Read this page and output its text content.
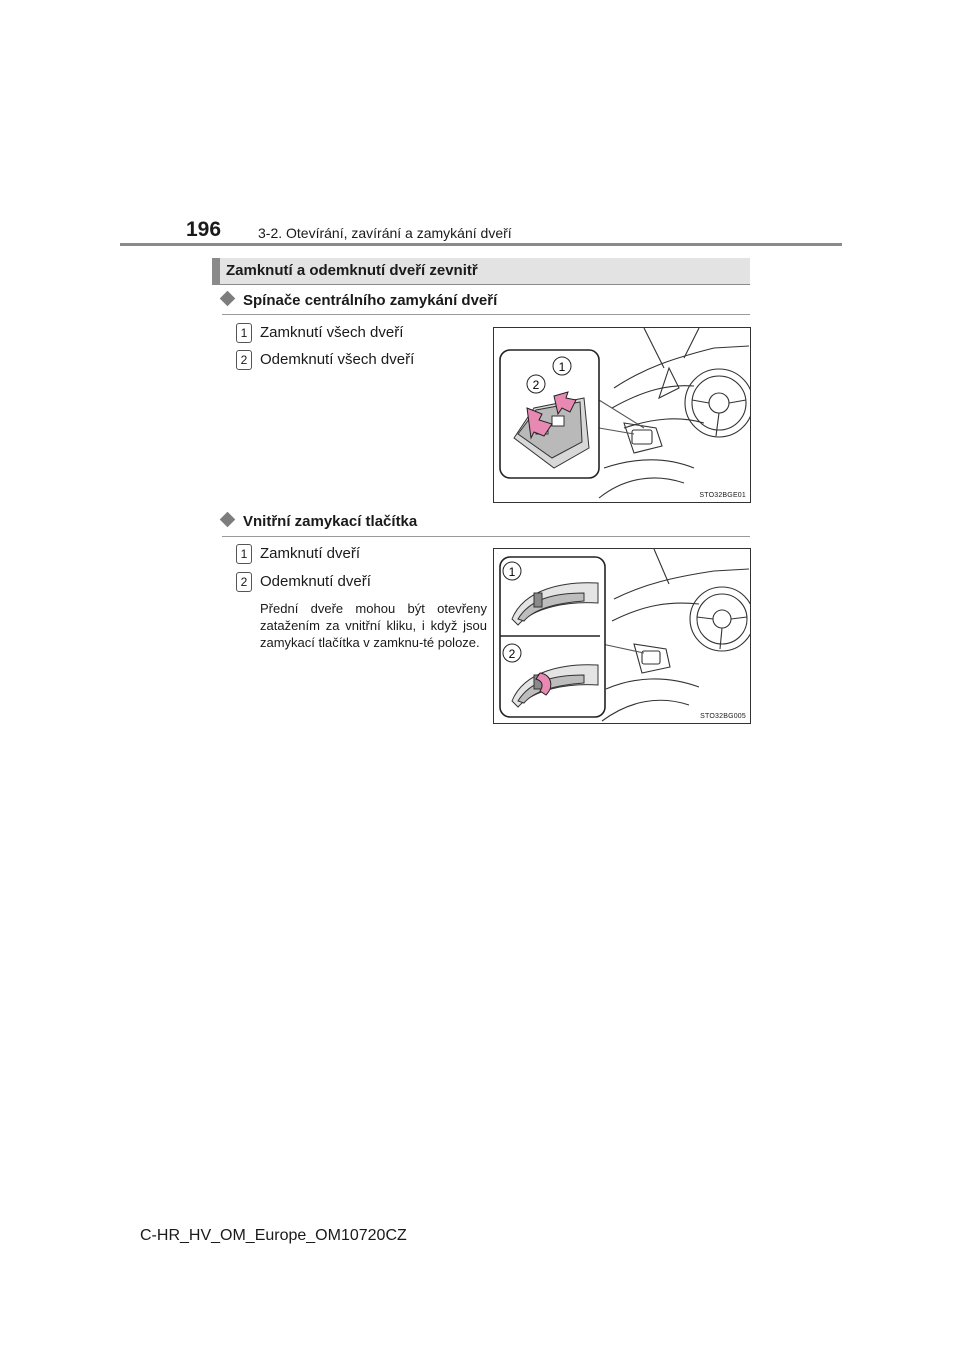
196	3-2. Otevírání, zavírání a zamykání dveří
Zamknutí a odemknutí dveří zevnitř
Spínače centrálního zamykání dveří
1 Zamknutí všech dveří
2 Odemknutí všech dveří	1
2
STO32BGE01
Vnitřní zamykací tlačítka
1 Zamknutí dveří
2 Odemknutí dveří
Přední dveře mohou být otevřeny zatažením za vnitřní kliku, i když jsou zamykací tlačítka v zamknu-té poloze.
1
2
STO32BG005
C-HR_HV_OM_Europe_OM10720CZ
